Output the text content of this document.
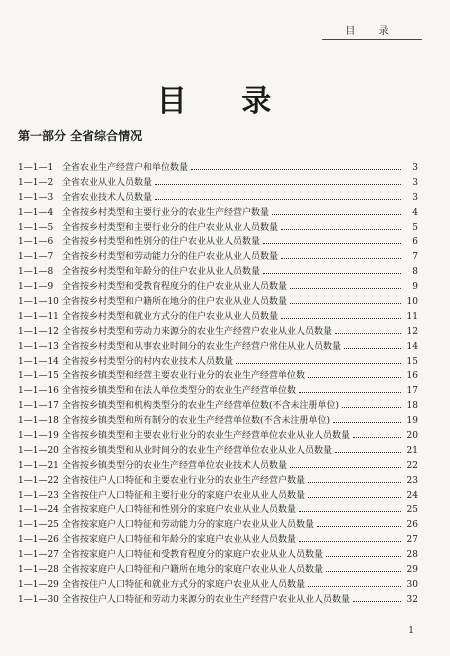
目 录
目 录
第一部分 全省综合情况
1—1—1 全省农业生产经营户和单位数量	3
1—1—2 全省农业从业人员数量	3
1—1—3 全省农业技术人员数量	3
1—1—4 全省按乡村类型和主要行业分的农业生产经营户数量	4
1—1—5 全省按乡村类型和主要行业分的住户农业从业人员数量	5
1—1—6 全省按乡村类型和性别分的住户农业从业人员数量	6
1—1—7 全省按乡村类型和劳动能力分的住户农业从业人员数量	7
1—1—8 全省按乡村类型和年龄分的住户农业从业人员数量	8
1—1—9 全省按乡村类型和受教育程度分的住户农业从业人员数量	9
1—1—10 全省按乡村类型和户籍所在地分的住户农业从业人员数量	10
1—1—11 全省按乡村类型和就业方式分的住户农业从业人员数量	11
1—1—12 全省按乡村类型和劳动力来源分的农业生产经营户农业从业人员数量	12
1—1—13 全省按乡村类型和从事农业时间分的农业生产经营户常住从业人员数量	14
1—1—14 全省按乡村类型分的村内农业技术人员数量	15
1—1—15 全省按乡镇类型和经营主要农业行业分的农业生产经营单位数	16
1—1—16 全省按乡镇类型和在法人单位类型分的农业生产经营单位数	17
1—1—17 全省按乡镇类型和机构类型分的农业生产经营单位数(不含未注册单位)	18
1—1—18 全省按乡镇类型和所有制分的农业生产经营单位数(不含未注册单位)	19
1—1—19 全省按乡镇类型和主要农业行业分的农业生产经营单位农业从业人员数量	20
1—1—20 全省按乡镇类型和从业时间分的农业生产经营单位农业从业人员数量	21
1—1—21 全省按乡镇类型分的农业生产经营单位农业技术人员数量	22
1—1—22 全省按住户人口特征和主要农业行业分的农业生产经营户数量	23
1—1—23 全省按住户人口特征和主要行业分的家庭户农业从业人员数量	24
1—1—24 全省按家庭户人口特征和性别分的家庭户农业从业人员数量	25
1—1—25 全省按家庭户人口特征和劳动能力分的家庭户农业从业人员数量	26
1—1—26 全省按家庭户人口特征和年龄分的家庭户农业从业人员数量	27
1—1—27 全省按家庭户人口特征和受教育程度分的家庭户农业从业人员数量	28
1—1—28 全省按家庭户人口特征和户籍所在地分的家庭户农业从业人员数量	29
1—1—29 全省按住户人口特征和就业方式分的家庭户农业从业人员数量	30
1—1—30 全省按住户人口特征和劳动力来源分的农业生产经营户农业从业人员数量	32
1
